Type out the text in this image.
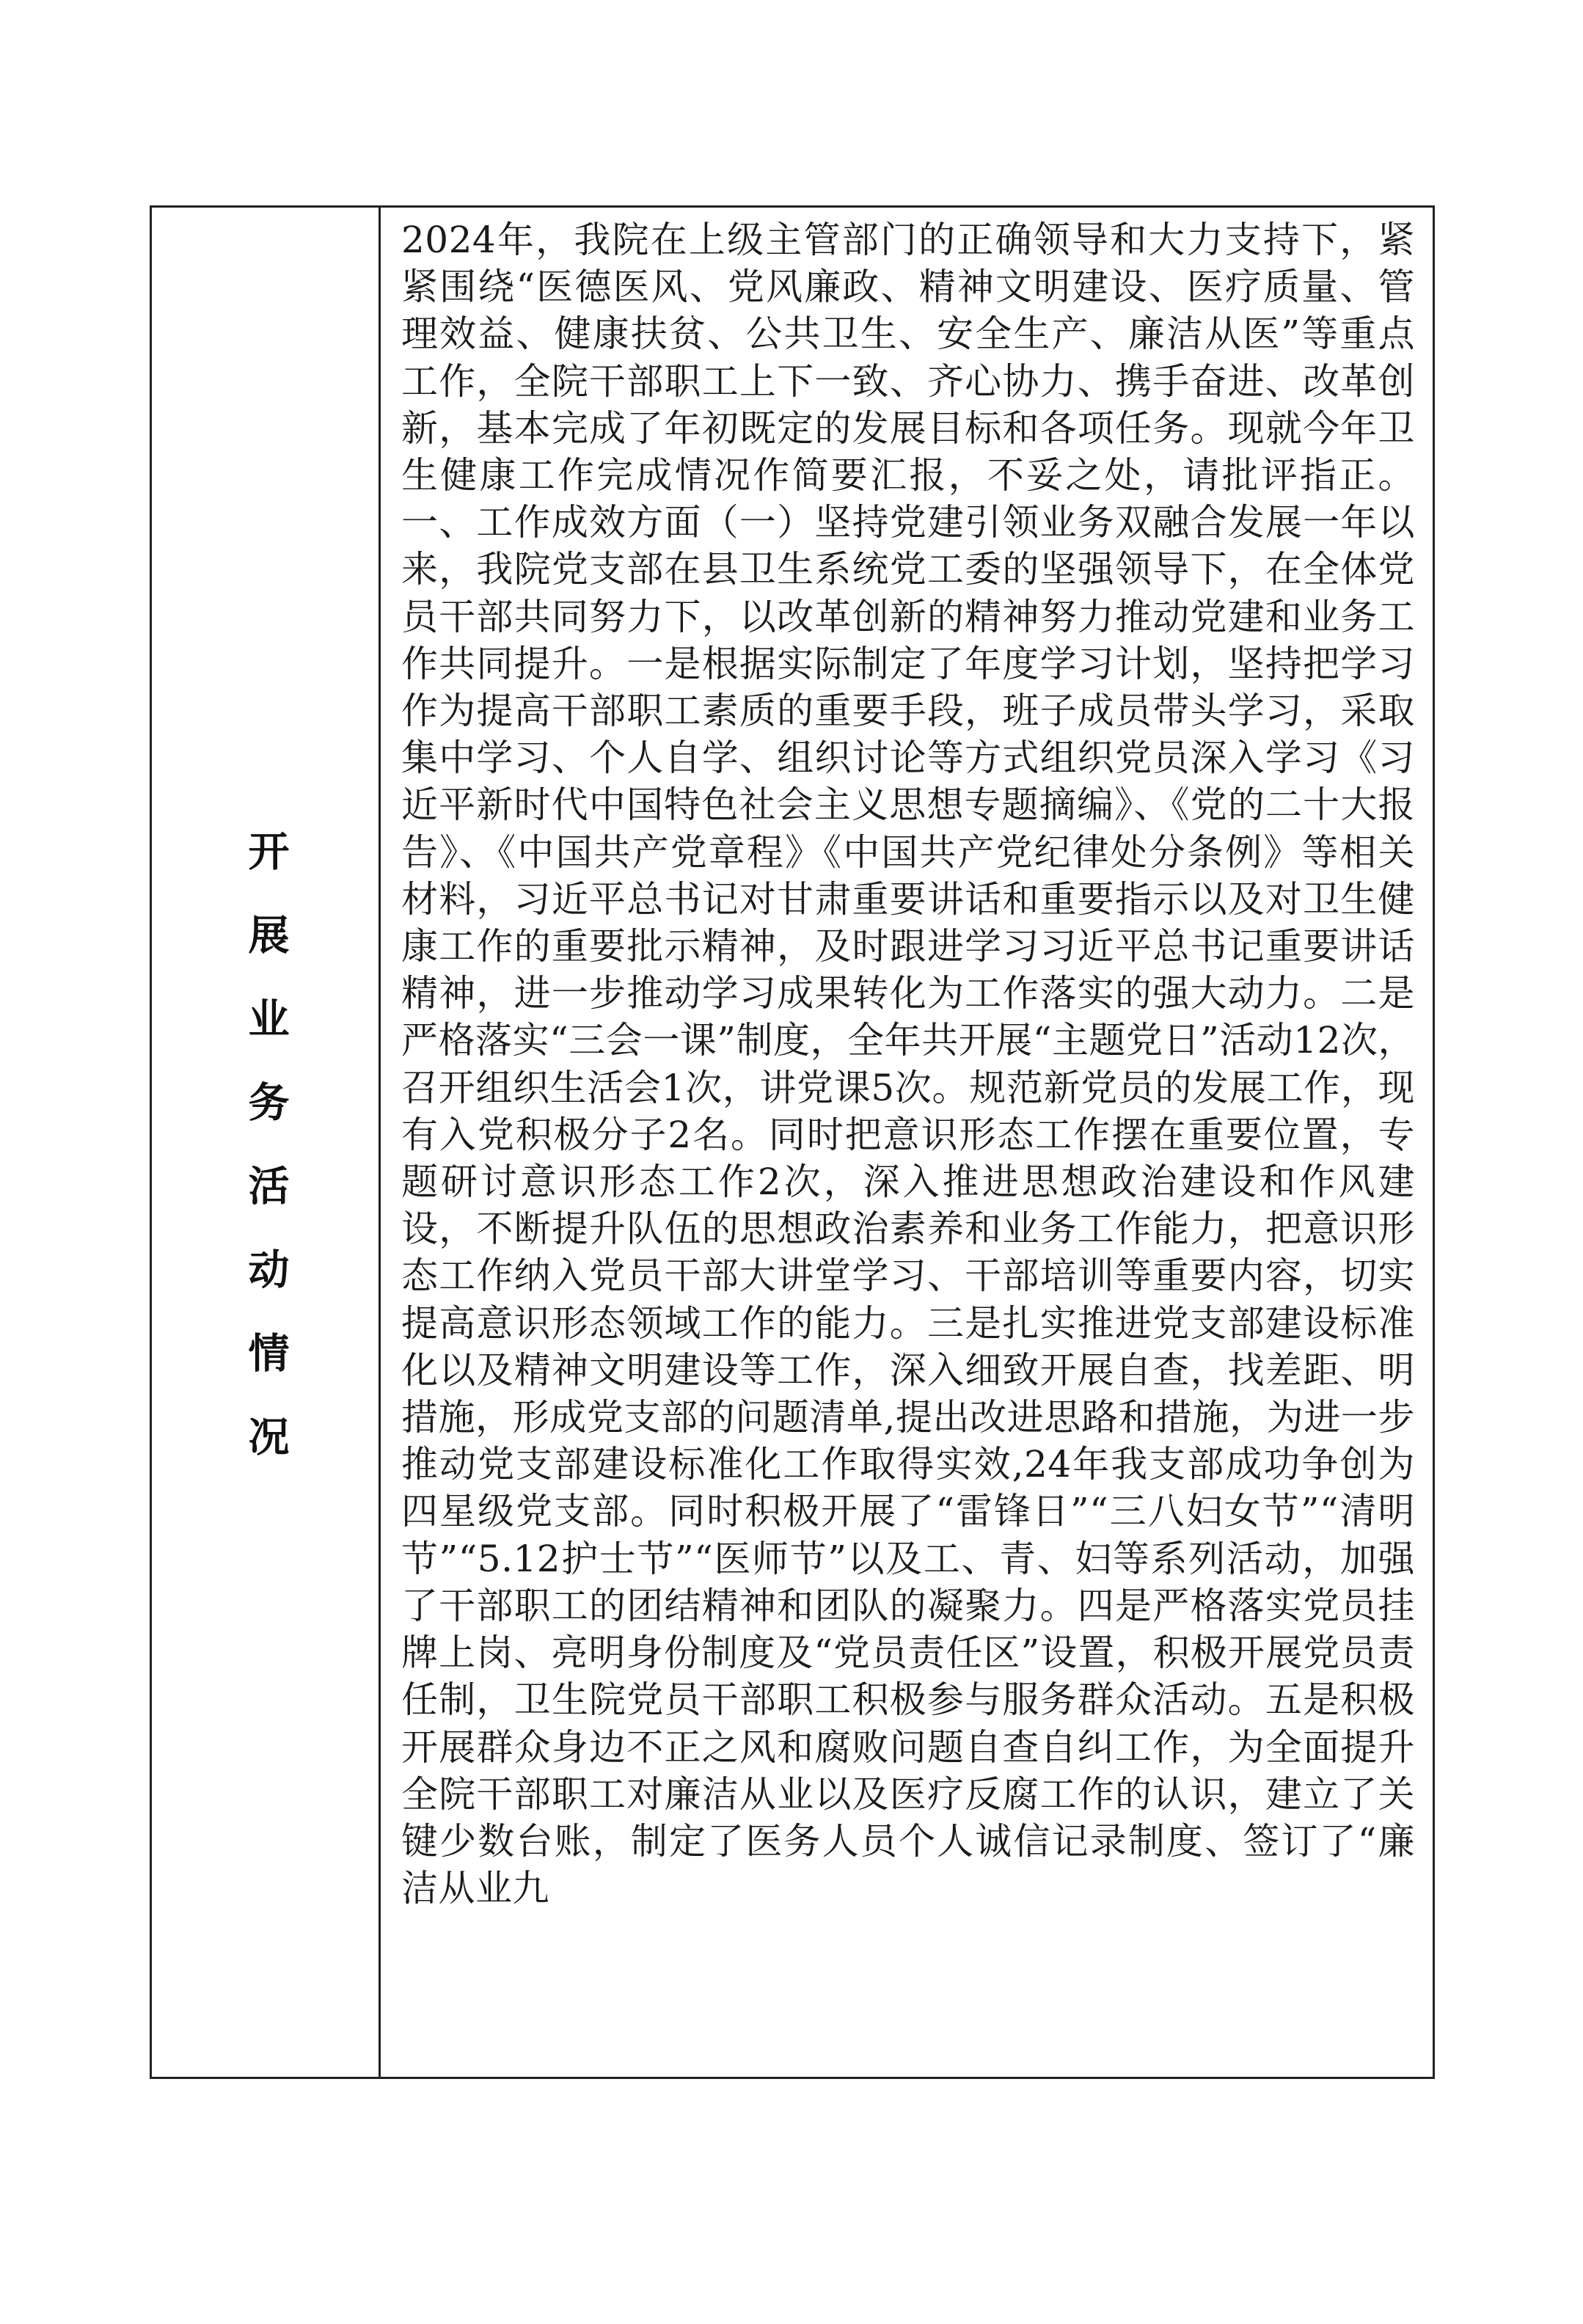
开展业务活动情况

2024年，我院在上级主管部门的正确领导和大力支持下，紧紧围绕“医德医风、党风廉政、精神文明建设、医疗质量、管理效益、健康扶贫、公共卫生、安全生产、廉洁从医”等重点工作，全院干部职工上下一致、齐心协力、携手奋进、改革创新，基本完成了年初既定的发展目标和各项任务。现就今年卫生健康工作完成情况作简要汇报，不妥之处，请批评指正。一、工作成效方面（一）坚持党建引领业务双融合发展一年以来，我院党支部在县卫生系统党工委的坚强领导下，在全体党员干部共同努力下，以改革创新的精神努力推动党建和业务工作共同提升。一是根据实际制定了年度学习计划，坚持把学习作为提高干部职工素质的重要手段，班子成员带头学习，采取集中学习、个人自学、组织讨论等方式组织党员深入学习《习近平新时代中国特色社会主义思想专题摘编》、《党的二十大报告》、《中国共产党章程》《中国共产党纪律处分条例》等相关材料，习近平总书记对甘肃重要讲话和重要指示以及对卫生健康工作的重要批示精神，及时跟进学习习近平总书记重要讲话精神，进一步推动学习成果转化为工作落实的强大动力。二是严格落实“三会一课”制度，全年共开展“主题党日”活动12次，召开组织生活会1次，讲党课5次。规范新党员的发展工作，现有入党积极分子2名。同时把意识形态工作摆在重要位置，专题研讨意识形态工作2次，深入推进思想政治建设和作风建设，不断提升队伍的思想政治素养和业务工作能力，把意识形态工作纳入党员干部大讲堂学习、干部培训等重要内容，切实提高意识形态领域工作的能力。三是扎实推进党支部建设标准化以及精神文明建设等工作，深入细致开展自查，找差距、明措施，形成党支部的问题清单,提出改进思路和措施，为进一步推动党支部建设标准化工作取得实效,24年我支部成功争创为四星级党支部。同时积极开展了“雷锋日”“三八妇女节”“清明节”“5.12护士节”“医师节”以及工、青、妇等系列活动，加强了干部职工的团结精神和团队的凝聚力。四是严格落实党员挂牌上岗、亮明身份制度及“党员责任区”设置，积极开展党员责任制，卫生院党员干部职工积极参与服务群众活动。五是积极开展群众身边不正之风和腐败问题自查自纠工作，为全面提升全院干部职工对廉洁从业以及医疗反腐工作的认识，建立了关键少数台账，制定了医务人员个人诚信记录制度、签订了“廉洁从业九
